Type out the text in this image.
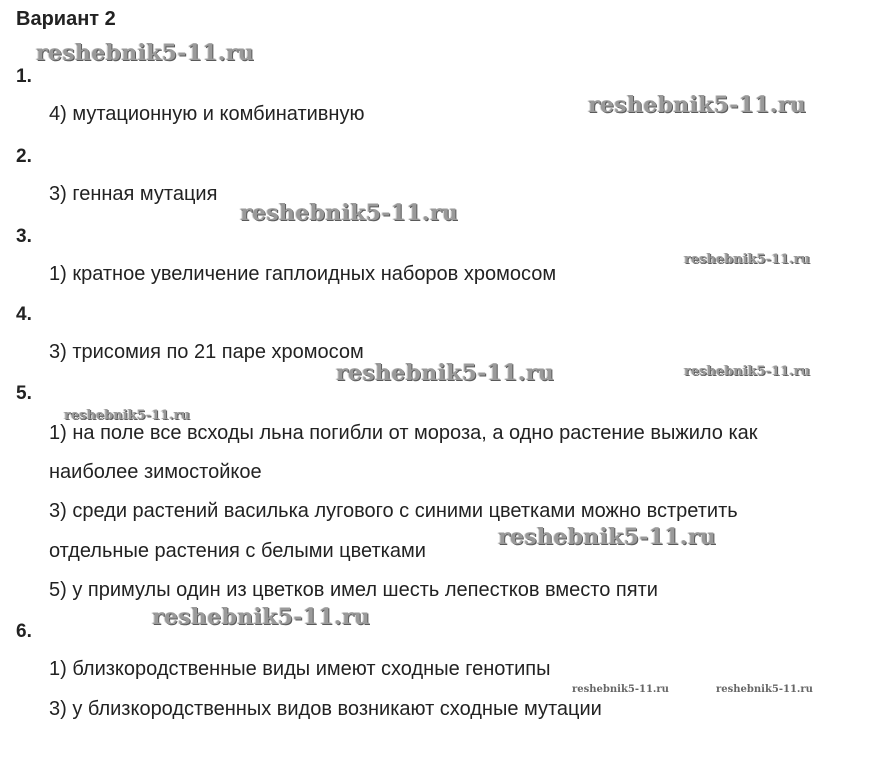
Вариант 2
1.
4) мутационную и комбинативную
2.
3) генная мутация
3.
1) кратное увеличение гаплоидных наборов хромосом
4.
3) трисомия по 21 паре хромосом
5.
1) на поле все всходы льна погибли от мороза, а одно растение выжило как
наиболее зимостойкое
3) среди растений василька лугового с синими цветками можно встретить
отдельные растения с белыми цветками
5) у примулы один из цветков имел шесть лепестков вместо пяти
6.
1) близкородственные виды имеют сходные генотипы
3) у близкородственных видов возникают сходные мутации
reshebnik5-11.ru
reshebnik5-11.ru
reshebnik5-11.ru
reshebnik5-11.ru
reshebnik5-11.ru	reshebnik5-11.ru
reshebnik5-11.ru
reshebnik5-11.ru
reshebnik5-11.ru
reshebnik5-11.ru	reshebnik5-11.ru
